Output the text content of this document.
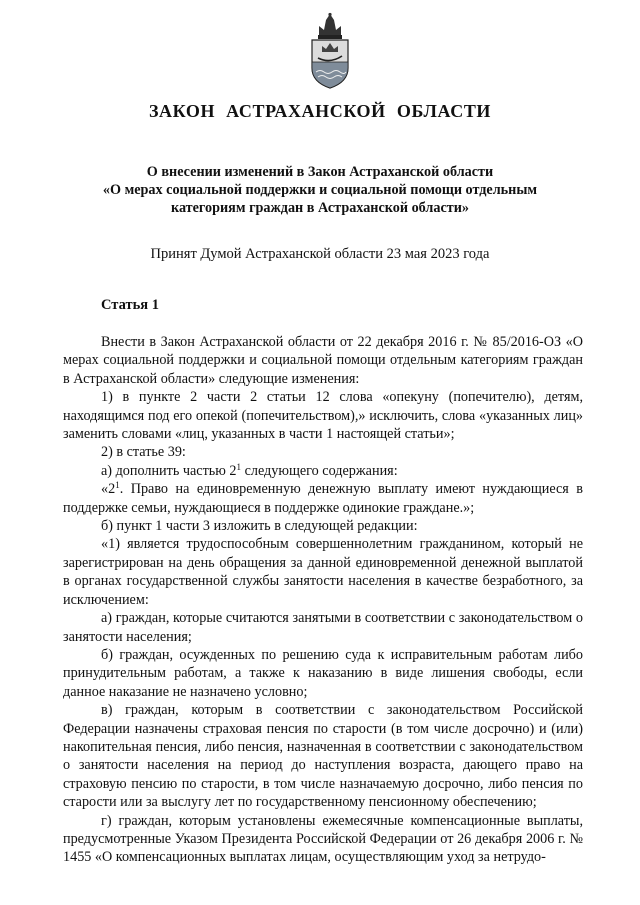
ЗАКОН АСТРАХАНСКОЙ ОБЛАСТИ
О внесении изменений в Закон Астраханской области
«О мерах социальной поддержки и социальной помощи отдельным
категориям граждан в Астраханской области»
Принят Думой Астраханской области 23 мая 2023 года
Статья 1

Внести в Закон Астраханской области от 22 декабря 2016 г. № 85/2016-ОЗ «О мерах социальной поддержки и социальной помощи отдельным категориям граждан в Астраханской области» следующие изменения:

1) в пункте 2 части 2 статьи 12 слова «опекуну (попечителю), детям, находящимся под его опекой (попечительством),» исключить, слова «указанных лиц» заменить словами «лиц, указанных в части 1 настоящей статьи»;

2) в статье 39:

а) дополнить частью $2^1$ следующего содержания:

«$2^1$. Право на единовременную денежную выплату имеют нуждающиеся в поддержке семьи, нуждающиеся в поддержке одинокие граждане.»;

б) пункт 1 части 3 изложить в следующей редакции:

«1) является трудоспособным совершеннолетним гражданином, который не зарегистрирован на день обращения за данной единовременной денежной выплатой в органах государственной службы занятости населения в качестве безработного, за исключением:

а) граждан, которые считаются занятыми в соответствии с законодательством о занятости населения;

б) граждан, осужденных по решению суда к исправительным работам либо принудительным работам, а также к наказанию в виде лишения свободы, если данное наказание не назначено условно;

в) граждан, которым в соответствии с законодательством Российской Федерации назначены страховая пенсия по старости (в том числе досрочно) и (или) накопительная пенсия, либо пенсия, назначенная в соответствии с законодательством о занятости населения на период до наступления возраста, дающего право на страховую пенсию по старости, в том числе назначаемую досрочно, либо пенсия по старости или за выслугу лет по государственному пенсионному обеспечению;

г) граждан, которым установлены ежемесячные компенсационные выплаты, предусмотренные Указом Президента Российской Федерации от 26 декабря 2006 г. № 1455 «О компенсационных выплатах лицам, осуществляющим уход за нетрудо-
